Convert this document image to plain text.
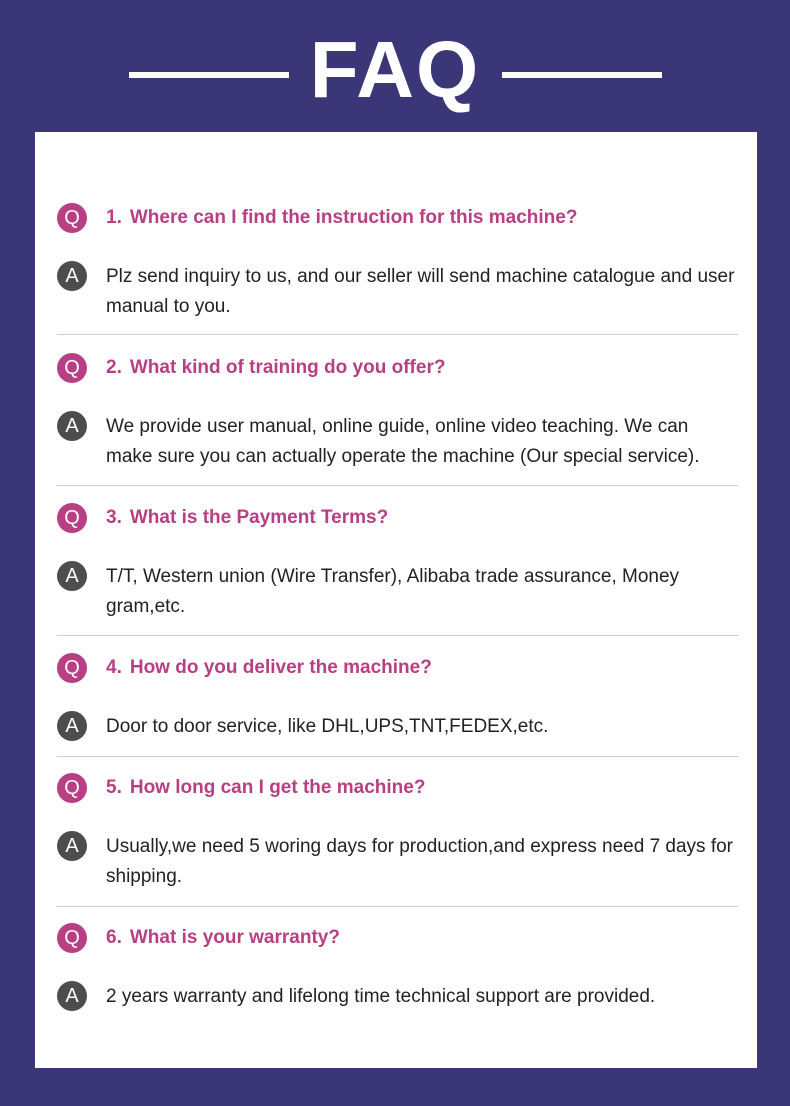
FAQ
Q	1. Where can I find the instruction for this machine?
A	Plz send inquiry to us, and our seller will send machine catalogue and user manual to you.
Q	2. What kind of training do you offer?
A	We provide user manual, online guide, online video teaching. We can make sure you can actually operate the machine (Our special service).
Q	3. What is the Payment Terms?
A	T/T, Western union (Wire Transfer), Alibaba trade assurance, Money gram,etc.
Q	4. How do you deliver the machine?
A	Door to door service, like DHL,UPS,TNT,FEDEX,etc.
Q	5. How long can I get the machine?
A	Usually,we need 5 woring days for production,and express need 7 days for shipping.
Q	6. What is your warranty?
A	2 years warranty and lifelong time technical support are provided.
